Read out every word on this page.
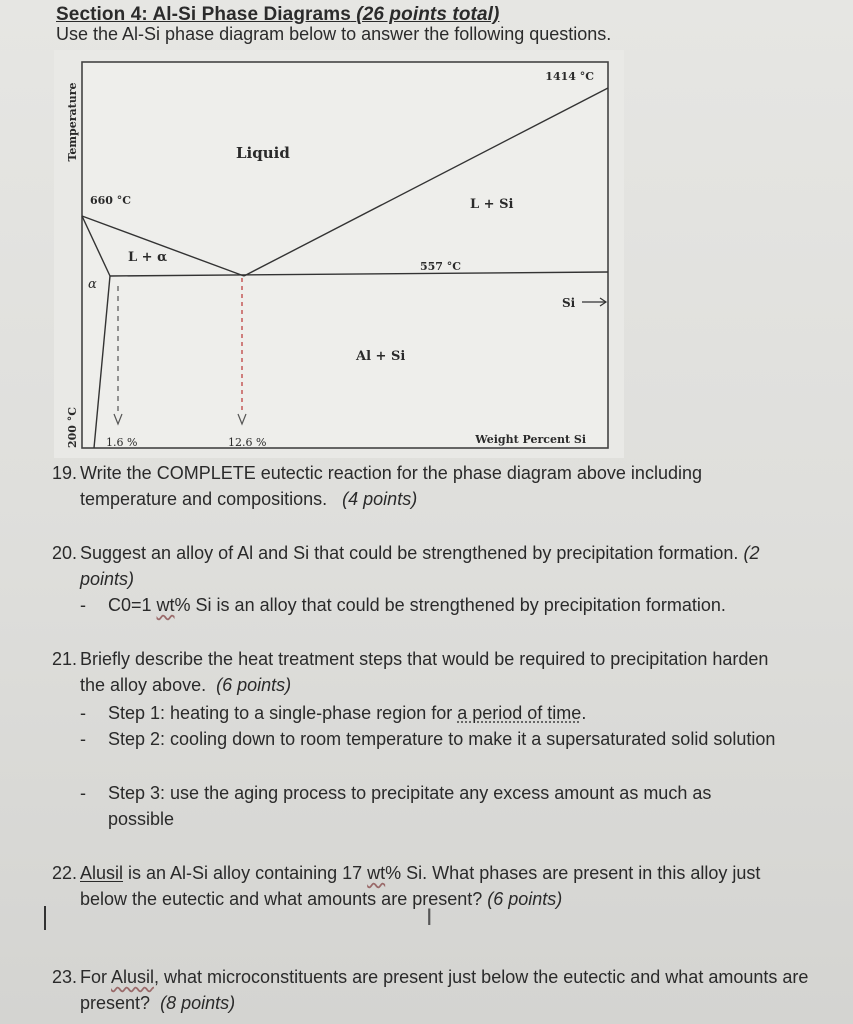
Section 4: Al-Si Phase Diagrams (26 points total)

Use the Al-Si phase diagram below to answer the following questions.

Temperature
1414 °C
660 °C
557 °C
200 °C
Liquid
L + Si
L + α
α
Al + Si
Si
1.6 %	12.6 %	Weight Percent Si
19. Write the COMPLETE eutectic reaction for the phase diagram above including temperature and compositions. (4 points)
20. Suggest an alloy of Al and Si that could be strengthened by precipitation formation. (2 points)
-	C0=1 wt% Si is an alloy that could be strengthened by precipitation formation.
21. Briefly describe the heat treatment steps that would be required to precipitation harden the alloy above. (6 points)
-	Step 1: heating to a single-phase region for a period of time.
-	Step 2: cooling down to room temperature to make it a supersaturated solid solution
-	Step 3: use the aging process to precipitate any excess amount as much as possible
22. Alusil is an Al-Si alloy containing 17 wt% Si. What phases are present in this alloy just below the eutectic and what amounts are present? (6 points)
I
23. For Alusil, what microconstituents are present just below the eutectic and what amounts are present? (8 points)
